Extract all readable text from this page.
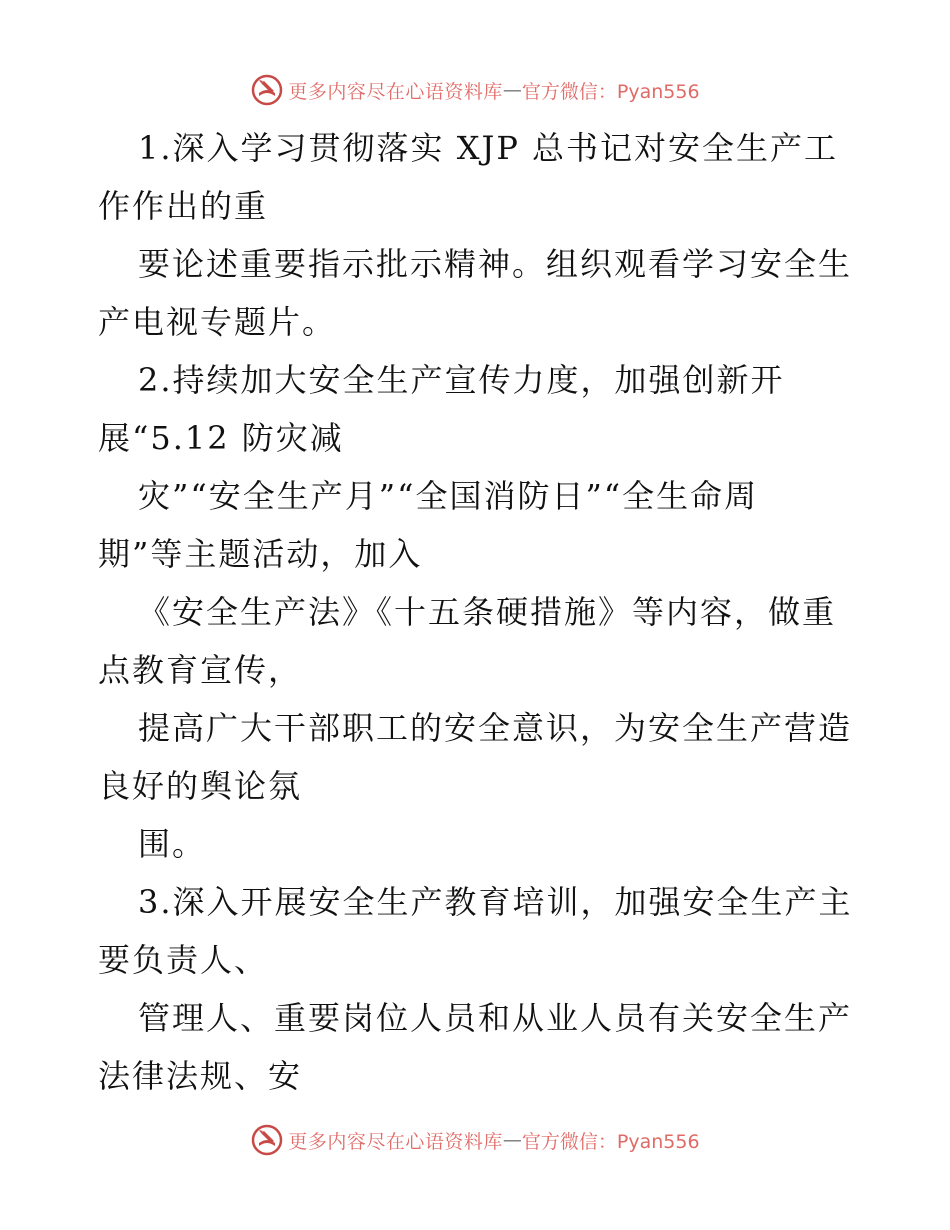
更多内容尽在心语资料库 — 官方微信：Pyan556
1.深入学习贯彻落实 XJP 总书记对安全生产工
作作出的重
要论述重要指示批示精神。组织观看学习安全生
产电视专题片。
2.持续加大安全生产宣传力度，加强创新开
展“5.12 防灾减
灾”“安全生产月”“全国消防日”“全生命周
期”等主题活动，加入
《安全生产法》《十五条硬措施》等内容，做重
点教育宣传，
提高广大干部职工的安全意识，为安全生产营造
良好的舆论氛
围。
3.深入开展安全生产教育培训，加强安全生产主
要负责人、
管理人、重要岗位人员和从业人员有关安全生产
法律法规、安
更多内容尽在心语资料库 — 官方微信：Pyan556
